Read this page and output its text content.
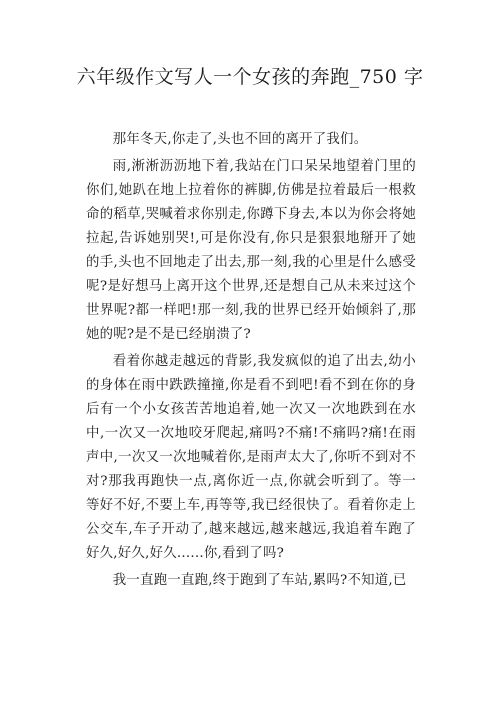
六年级作文写人一个女孩的奔跑_750 字

那年冬天,你走了,头也不回的离开了我们。

雨,淅淅沥沥地下着,我站在门口呆呆地望着门里的你们,她趴在地上拉着你的裤脚,仿佛是拉着最后一根救命的稻草,哭喊着求你别走,你蹲下身去,本以为你会将她拉起,告诉她别哭!,可是你没有,你只是狠狠地掰开了她的手,头也不回地走了出去,那一刻,我的心里是什么感受呢?是好想马上离开这个世界,还是想自己从未来过这个世界呢?都一样吧!那一刻,我的世界已经开始倾斜了,那她的呢?是不是已经崩溃了?

看着你越走越远的背影,我发疯似的追了出去,幼小的身体在雨中跌跌撞撞,你是看不到吧!看不到在你的身后有一个小女孩苦苦地追着,她一次又一次地跌到在水中,一次又一次地咬牙爬起,痛吗?不痛!不痛吗?痛!在雨声中,一次又一次地喊着你,是雨声太大了,你听不到对不对?那我再跑快一点,离你近一点,你就会听到了。等一等好不好,不要上车,再等等,我已经很快了。看着你走上公交车,车子开动了,越来越远,越来越远,我追着车跑了好久,好久,好久......你,看到了吗?

我一直跑一直跑,终于跑到了车站,累吗?不知道,已
